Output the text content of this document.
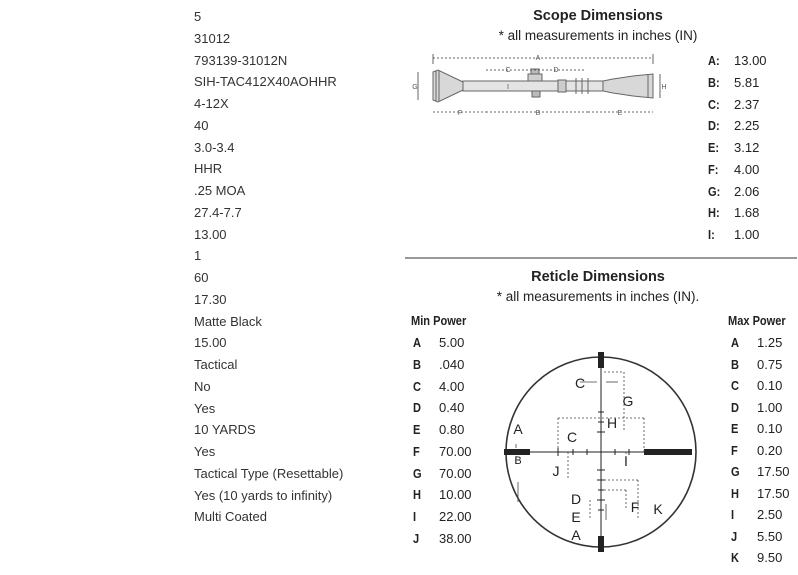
5
31012
793139-31012N
SIH-TAC412X40AOHHR
4-12X
40
3.0-3.4
HHR
.25 MOA
27.4-7.7
13.00
1
60
17.30
Matte Black
15.00
Tactical
No
Yes
10 YARDS
Yes
Tactical Type (Resettable)
Yes (10 yards to infinity)
Multi Coated
Scope Dimensions
* all measurements in inches (IN)
A
B
C	D
E
F
G	H
I
A: 13.00
B: 5.81
C: 2.37
D: 2.25
E: 3.12
F: 4.00
G: 2.06
H: 1.68
I: 1.00
Reticle Dimensions
* all measurements in inches (IN).
Min Power	Max Power
A 5.00
B .040
C 4.00
D 0.40
E 0.80
F 70.00
G 70.00
H 10.00
I 22.00
J 38.00
A 1.25
B 0.75
C 0.10
D 1.00
E 0.10
F 0.20
G 17.50
H 17.50
I 2.50
J 5.50
K 9.50
C
G
H
A	C
I
J
B
D	F K
E
A
